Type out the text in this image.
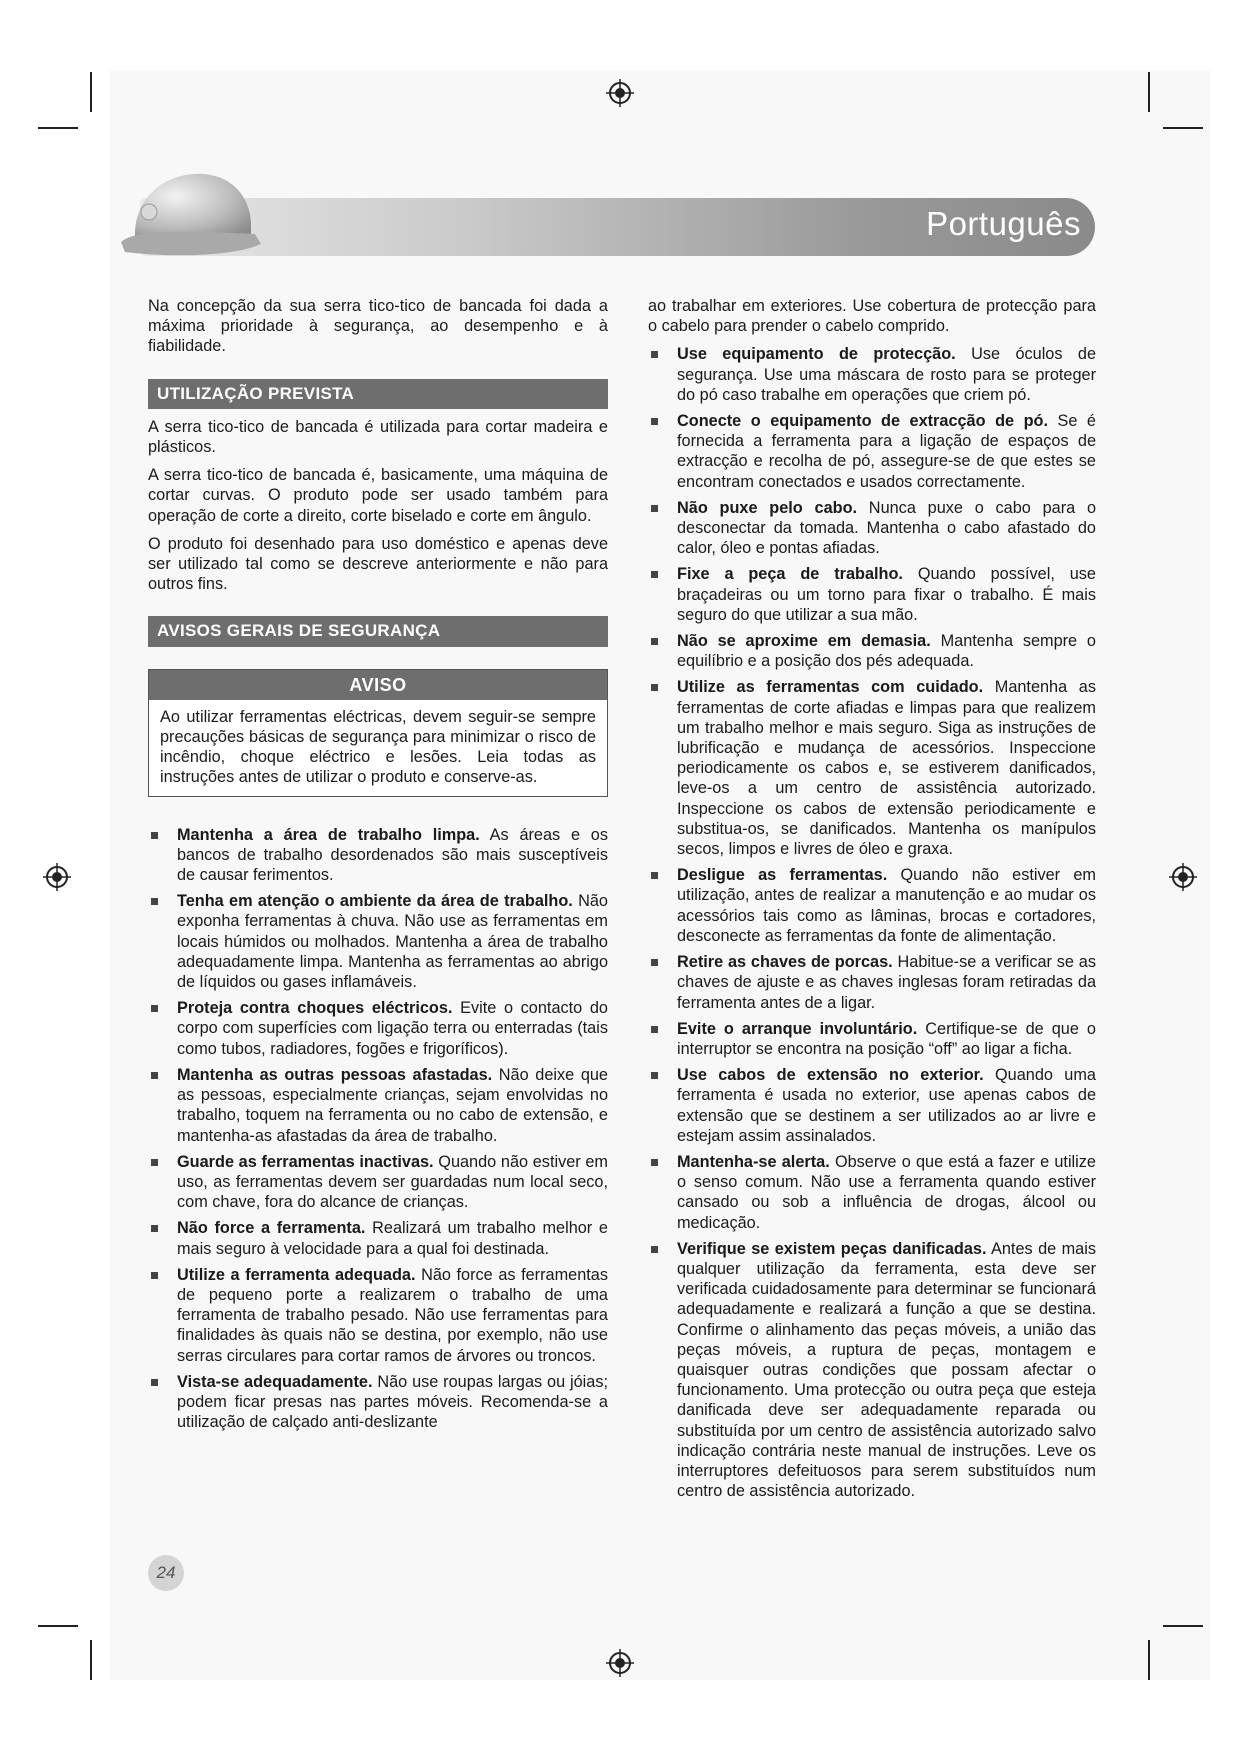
Português

Na concepção da sua serra tico-tico de bancada foi dada a máxima prioridade à segurança, ao desempenho e à fiabilidade.

UTILIZAÇÃO PREVISTA

A serra tico-tico de bancada é utilizada para cortar madeira e plásticos.

A serra tico-tico de bancada é, basicamente, uma máquina de cortar curvas. O produto pode ser usado também para operação de corte a direito, corte biselado e corte em ângulo.

O produto foi desenhado para uso doméstico e apenas deve ser utilizado tal como se descreve anteriormente e não para outros fins.

AVISOS GERAIS DE SEGURANÇA
AVISO
Ao utilizar ferramentas eléctricas, devem seguir-se sempre precauções básicas de segurança para minimizar o risco de incêndio, choque eléctrico e lesões. Leia todas as instruções antes de utilizar o produto e conserve-as.
Mantenha a área de trabalho limpa. As áreas e os bancos de trabalho desordenados são mais susceptíveis de causar ferimentos.
Tenha em atenção o ambiente da área de trabalho. Não exponha ferramentas à chuva. Não use as ferramentas em locais húmidos ou molhados. Mantenha a área de trabalho adequadamente limpa. Mantenha as ferramentas ao abrigo de líquidos ou gases inflamáveis.
Proteja contra choques eléctricos. Evite o contacto do corpo com superfícies com ligação terra ou enterradas (tais como tubos, radiadores, fogões e frigoríficos).
Mantenha as outras pessoas afastadas. Não deixe que as pessoas, especialmente crianças, sejam envolvidas no trabalho, toquem na ferramenta ou no cabo de extensão, e mantenha-as afastadas da área de trabalho.
Guarde as ferramentas inactivas. Quando não estiver em uso, as ferramentas devem ser guardadas num local seco, com chave, fora do alcance de crianças.
Não force a ferramenta. Realizará um trabalho melhor e mais seguro à velocidade para a qual foi destinada.
Utilize a ferramenta adequada. Não force as ferramentas de pequeno porte a realizarem o trabalho de uma ferramenta de trabalho pesado. Não use ferramentas para finalidades às quais não se destina, por exemplo, não use serras circulares para cortar ramos de árvores ou troncos.
Vista-se adequadamente. Não use roupas largas ou jóias; podem ficar presas nas partes móveis. Recomenda-se a utilização de calçado anti-deslizante

ao trabalhar em exteriores. Use cobertura de protecção para o cabelo para prender o cabelo comprido.

Use equipamento de protecção. Use óculos de segurança. Use uma máscara de rosto para se proteger do pó caso trabalhe em operações que criem pó.
Conecte o equipamento de extracção de pó. Se é fornecida a ferramenta para a ligação de espaços de extracção e recolha de pó, assegure-se de que estes se encontram conectados e usados correctamente.
Não puxe pelo cabo. Nunca puxe o cabo para o desconectar da tomada. Mantenha o cabo afastado do calor, óleo e pontas afiadas.
Fixe a peça de trabalho. Quando possível, use braçadeiras ou um torno para fixar o trabalho. É mais seguro do que utilizar a sua mão.
Não se aproxime em demasia. Mantenha sempre o equilíbrio e a posição dos pés adequada.
Utilize as ferramentas com cuidado. Mantenha as ferramentas de corte afiadas e limpas para que realizem um trabalho melhor e mais seguro. Siga as instruções de lubrificação e mudança de acessórios. Inspeccione periodicamente os cabos e, se estiverem danificados, leve-os a um centro de assistência autorizado. Inspeccione os cabos de extensão periodicamente e substitua-os, se danificados. Mantenha os manípulos secos, limpos e livres de óleo e graxa.
Desligue as ferramentas. Quando não estiver em utilização, antes de realizar a manutenção e ao mudar os acessórios tais como as lâminas, brocas e cortadores, desconecte as ferramentas da fonte de alimentação.
Retire as chaves de porcas. Habitue-se a verificar se as chaves de ajuste e as chaves inglesas foram retiradas da ferramenta antes de a ligar.
Evite o arranque involuntário. Certifique-se de que o interruptor se encontra na posição “off” ao ligar a ficha.
Use cabos de extensão no exterior. Quando uma ferramenta é usada no exterior, use apenas cabos de extensão que se destinem a ser utilizados ao ar livre e estejam assim assinalados.
Mantenha-se alerta. Observe o que está a fazer e utilize o senso comum. Não use a ferramenta quando estiver cansado ou sob a influência de drogas, álcool ou medicação.
Verifique se existem peças danificadas. Antes de mais qualquer utilização da ferramenta, esta deve ser verificada cuidadosamente para determinar se funcionará adequadamente e realizará a função a que se destina. Confirme o alinhamento das peças móveis, a união das peças móveis, a ruptura de peças, montagem e quaisquer outras condições que possam afectar o funcionamento. Uma protecção ou outra peça que esteja danificada deve ser adequadamente reparada ou substituída por um centro de assistência autorizado salvo indicação contrária neste manual de instruções. Leve os interruptores defeituosos para serem substituídos num centro de assistência autorizado.
24
